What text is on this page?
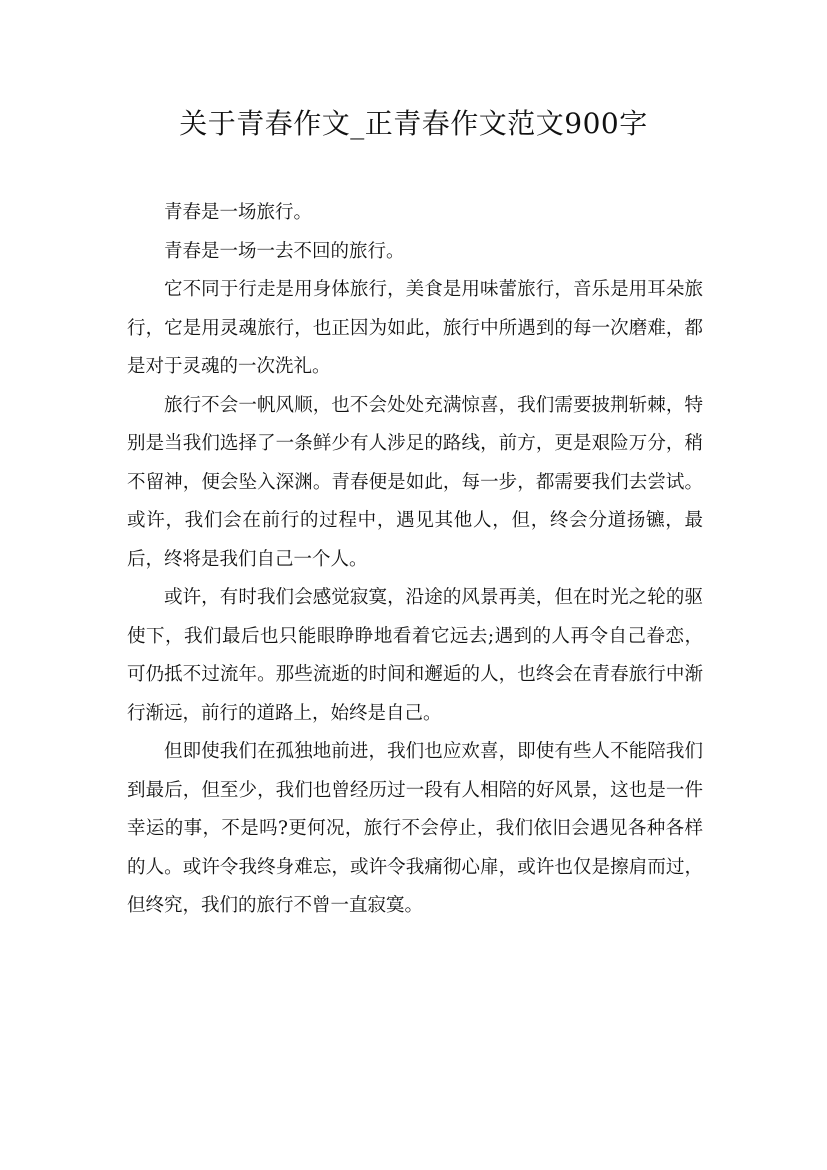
关于青春作文_正青春作文范文900字

青春是一场旅行。

青春是一场一去不回的旅行。

它不同于行走是用身体旅行，美食是用味蕾旅行，音乐是用耳朵旅行，它是用灵魂旅行，也正因为如此，旅行中所遇到的每一次磨难，都是对于灵魂的一次洗礼。

旅行不会一帆风顺，也不会处处充满惊喜，我们需要披荆斩棘，特别是当我们选择了一条鲜少有人涉足的路线，前方，更是艰险万分，稍不留神，便会坠入深渊。青春便是如此，每一步，都需要我们去尝试。或许，我们会在前行的过程中，遇见其他人，但，终会分道扬镳，最后，终将是我们自己一个人。

或许，有时我们会感觉寂寞，沿途的风景再美，但在时光之轮的驱使下，我们最后也只能眼睁睁地看着它远去;遇到的人再令自己眷恋，可仍抵不过流年。那些流逝的时间和邂逅的人，也终会在青春旅行中渐行渐远，前行的道路上，始终是自己。

但即使我们在孤独地前进，我们也应欢喜，即使有些人不能陪我们到最后，但至少，我们也曾经历过一段有人相陪的好风景，这也是一件幸运的事，不是吗?更何况，旅行不会停止，我们依旧会遇见各种各样的人。或许令我终身难忘，或许令我痛彻心扉，或许也仅是擦肩而过，但终究，我们的旅行不曾一直寂寞。
